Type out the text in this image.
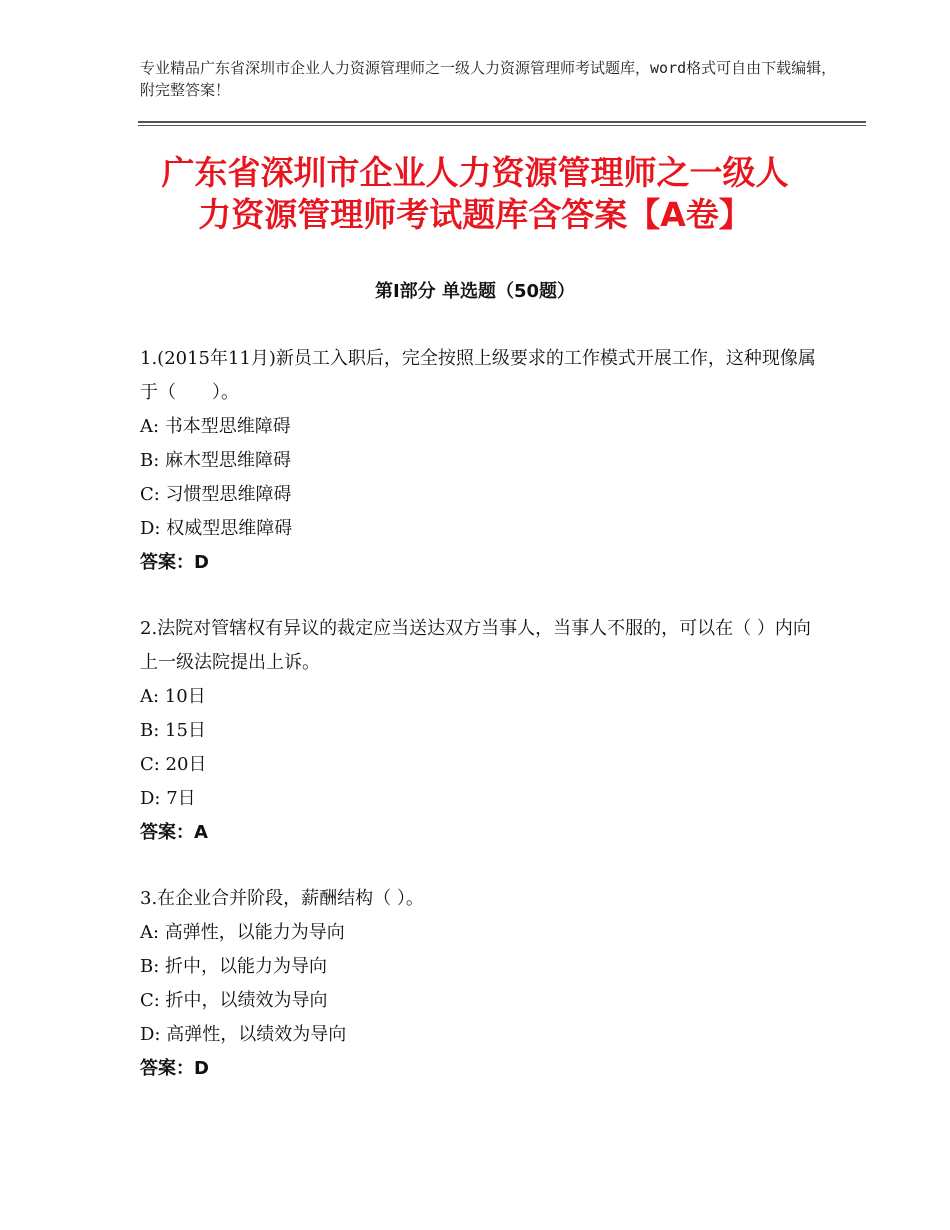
专业精品广东省深圳市企业人力资源管理师之一级人力资源管理师考试题库，word格式可自由下载编辑，附完整答案！
广东省深圳市企业人力资源管理师之一级人
力资源管理师考试题库含答案【A卷】
第Ⅰ部分 单选题（50题）
1.(2015年11月)新员工入职后，完全按照上级要求的工作模式开展工作，这种现像属于（　　）。
A: 书本型思维障碍
B: 麻木型思维障碍
C: 习惯型思维障碍
D: 权威型思维障碍
答案：D
2.法院对管辖权有异议的裁定应当送达双方当事人，当事人不服的，可以在（ ）内向上一级法院提出上诉。
A: 10日
B: 15日
C: 20日
D: 7日
答案：A
3.在企业合并阶段，薪酬结构（ ）。
A: 高弹性，以能力为导向
B: 折中，以能力为导向
C: 折中，以绩效为导向
D: 高弹性，以绩效为导向
答案：D
